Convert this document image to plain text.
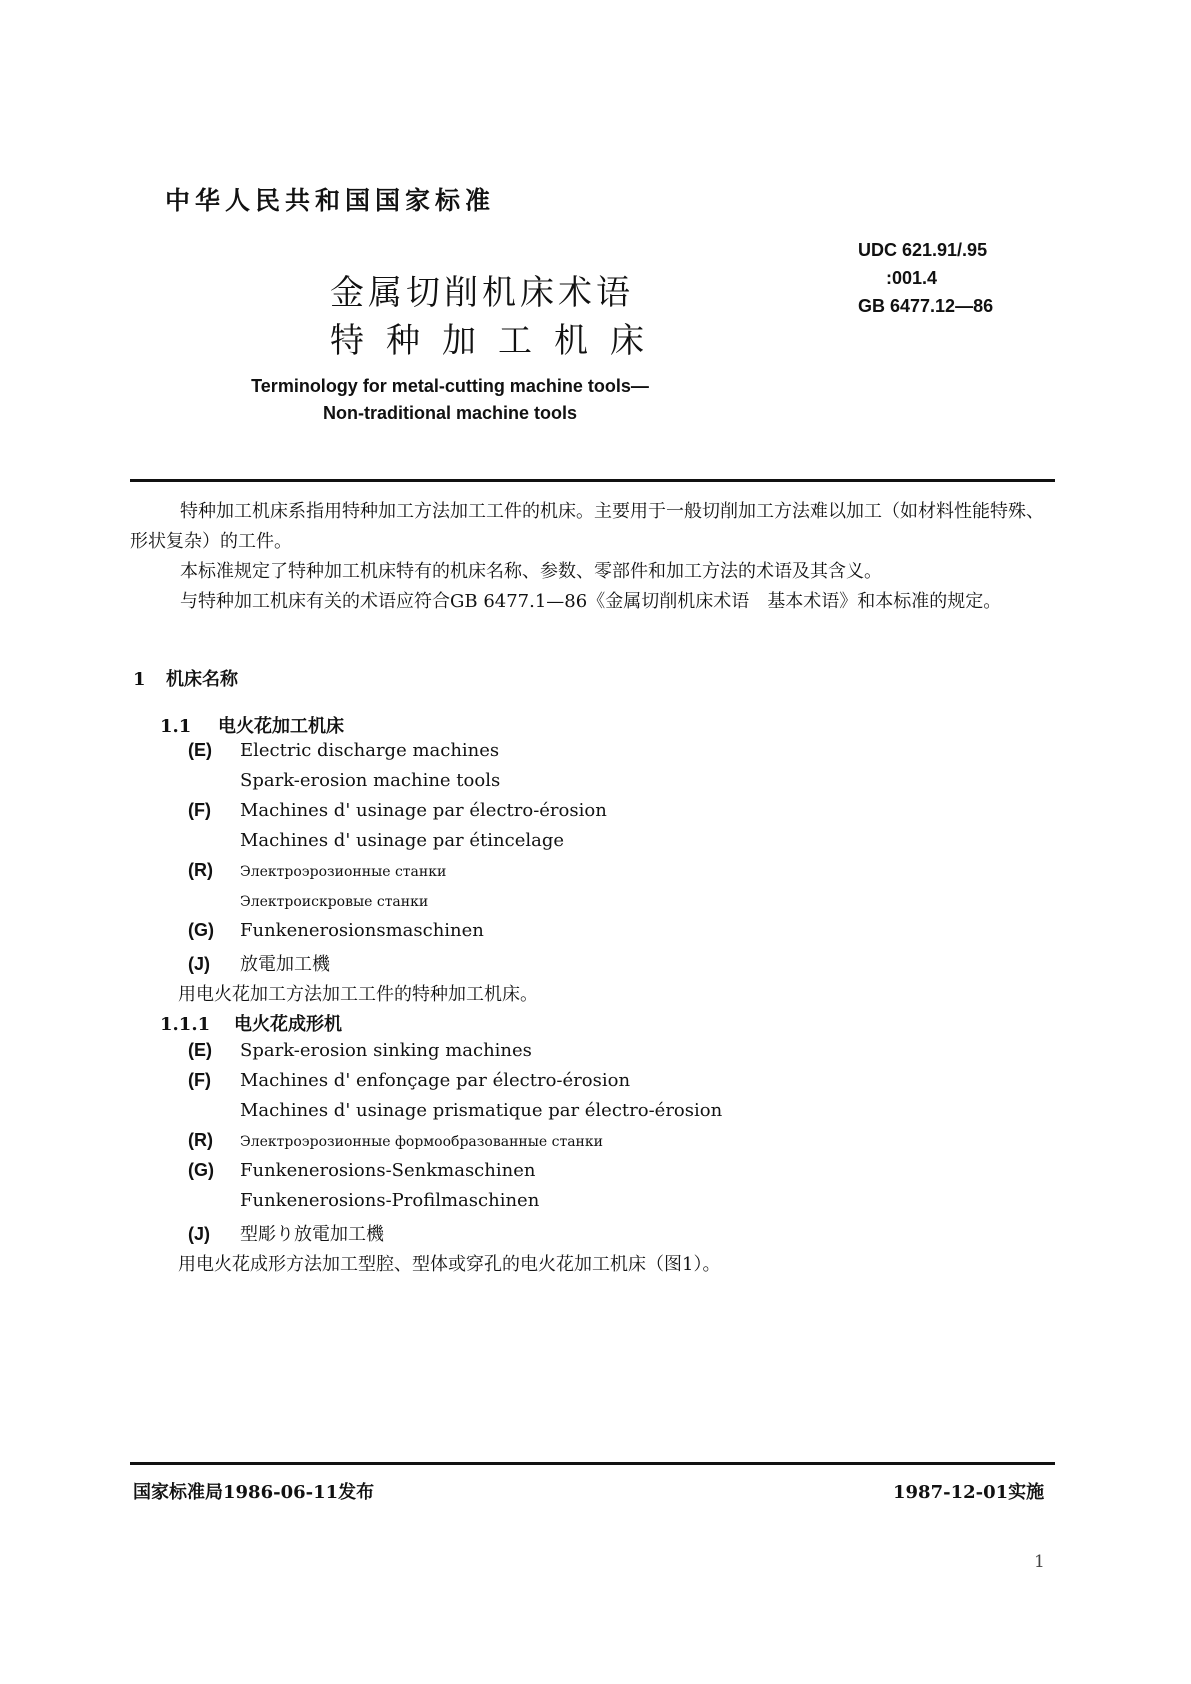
中华人民共和国国家标准
金属切削机床术语
特种加工机床
UDC 621.91/.95
:001.4
GB 6477.12—86
Terminology for metal-cutting machine tools—
Non-traditional machine tools
特种加工机床系指用特种加工方法加工工件的机床。主要用于一般切削加工方法难以加工（如材料性能特殊、形状复杂）的工件。
本标准规定了特种加工机床特有的机床名称、参数、零部件和加工方法的术语及其含义。
与特种加工机床有关的术语应符合GB 6477.1—86《金属切削机床术语　基本术语》和本标准的规定。
1 机床名称
1.1 电火花加工机床
(E) Electric discharge machines
Spark-erosion machine tools
(F) Machines d' usinage par électro-érosion
Machines d' usinage par étincelage
(R) Электроэрозионные станки
Электроискровые станки
(G) Funkenerosionsmaschinen
(J) 放電加工機
用电火花加工方法加工工件的特种加工机床。
1.1.1 电火花成形机
(E) Spark-erosion sinking machines
(F) Machines d' enfonçage par électro-érosion
Machines d' usinage prismatique par électro-érosion
(R) Электроэрозионные формообразованные станки
(G) Funkenerosions-Senkmaschinen
Funkenerosions-Profilmaschinen
(J) 型彫り放電加工機
用电火花成形方法加工型腔、型体或穿孔的电火花加工机床（图1）。
国家标准局1986-06-11发布	1987-12-01实施
1
